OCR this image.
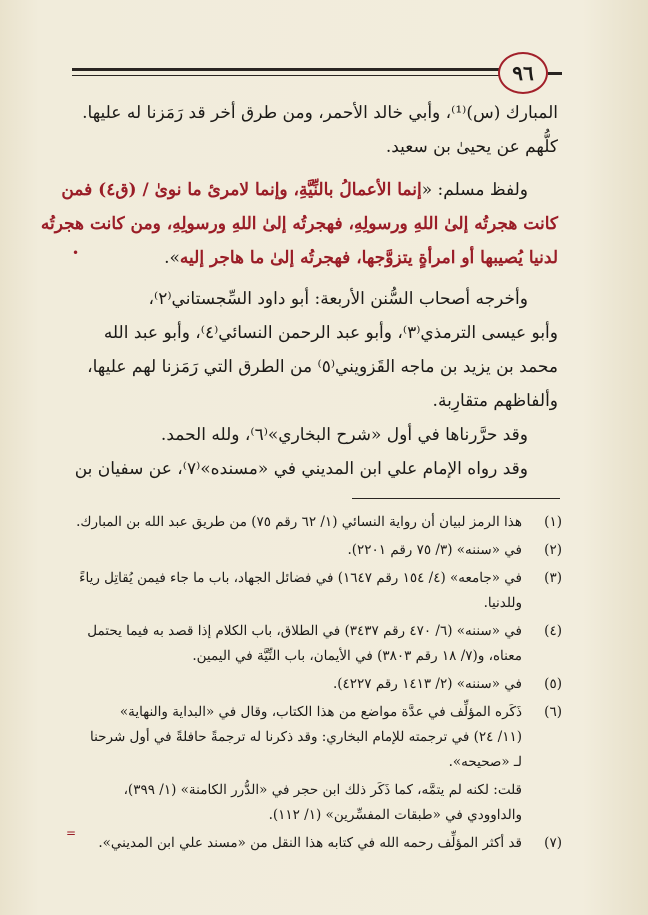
٩٦
المبارك (س)⁽¹⁾، وأبي خالد الأحمر، ومن طرق أخر قد رَمَزنا له عليها.
كلُّهم عن يحيىٰ بن سعيد.
ولفظ مسلم: «إنما الأعمالُ بالنِّيَّةِ، وإنما لامرئ ما نوىٰ / (ق٤) فمن
كانت هجرتُه إلىٰ اللهِ ورسولِهِ، فهجرتُه إلىٰ اللهِ ورسولِهِ، ومن كانت هجرتُه
لدنيا يُصيبها أو امرأةٍ يتزوَّجها، فهجرتُه إلىٰ ما هاجر إليه».
•
وأخرجه أصحاب السُّنن الأربعة: أبو داود السِّجستاني⁽٢⁾،
وأبو عيسى الترمذي⁽٣⁾، وأبو عبد الرحمن النسائي⁽٤⁾، وأبو عبد الله
محمد بن يزيد بن ماجه القَزويني⁽٥⁾ من الطرق التي رَمَزنا لهم عليها،
وألفاظهم متقارِبة.
وقد حرَّرناها في أول «شرح البخاري»⁽٦⁾، ولله الحمد.
وقد رواه الإمام علي ابن المديني في «مسنده»⁽٧⁾، عن سفيان بن
(١)
هذا الرمز لبيان أن رواية النسائي (١/ ٦٢ رقم ٧٥) من طريق عبد الله بن المبارك.
(٢)
في «سننه» (٣/ ٧٥ رقم ٢٢٠١).
(٣)
في «جامعه» (٤/ ١٥٤ رقم ١٦٤٧) في فضائل الجهاد، باب ما جاء فيمن يُقاتِل رياءً
وللدنيا.
(٤)
في «سننه» (٦/ ٤٧٠ رقم ٣٤٣٧) في الطلاق، باب الكلام إذا قصد به فيما يحتمل
معناه، و(٧/ ١٨ رقم ٣٨٠٣) في الأيمان، باب النِّيَّة في اليمين.
(٥)
في «سننه» (٢/ ١٤١٣ رقم ٤٢٢٧).
(٦)
ذَكَره المؤلِّف في عدَّة مواضع من هذا الكتاب، وقال في «البداية والنهاية»
(١١/ ٢٤) في ترجمته للإمام البخاري: وقد ذكرنا له ترجمةً حافلةً في أول شرحنا
لـ «صحيحه».
قلت: لكنه لم يتمَّه، كما ذَكَر ذلك ابن حجر في «الدُّرر الكامنة» (١/ ٣٩٩)،
والداوودي في «طبقات المفسِّرين» (١/ ١١٢).
(٧)
قد أكثر المؤلِّف رحمه الله في كتابه هذا النقل من «مسند علي ابن المديني».
=
